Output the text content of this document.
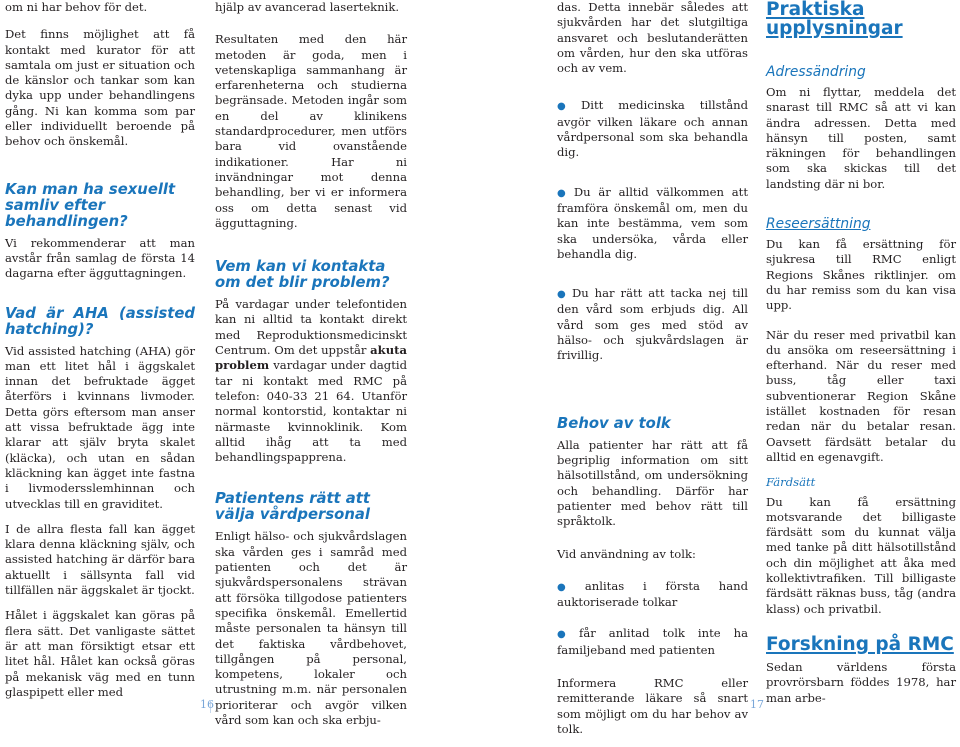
om ni har behov för det.

Det finns möjlighet att få kontakt med kurator för att samtala om just er situation och de känslor och tankar som kan dyka upp under behandlingens gång. Ni kan komma som par eller individuellt beroende på behov och önskemål.

Kan man ha sexuellt samliv efter behandlingen?

Vi rekommenderar att man avstår från samlag de första 14 dagarna efter ägguttagningen.

Vad är AHA (assisted hatching)?

Vid assisted hatching (AHA) gör man ett litet hål i äggskalet innan det befruktade ägget återförs i kvinnans livmoder. Detta görs eftersom man anser att vissa befruktade ägg inte klarar att själv bryta skalet (kläcka), och utan en sådan kläckning kan ägget inte fastna i livmodersslemhinnan och utvecklas till en graviditet.

I de allra flesta fall kan ägget klara denna kläckning själv, och assisted hatching är därför bara aktuellt i sällsynta fall vid tillfällen när äggskalet är tjockt.

Hålet i äggskalet kan göras på flera sätt. Det vanligaste sättet är att man försiktigt etsar ett litet hål. Hålet kan också göras på mekanisk väg med en tunn glaspipett eller med

hjälp av avancerad laserteknik.

Resultaten med den här metoden är goda, men i vetenskapliga sammanhang är erfarenheterna och studierna begränsade. Metoden ingår som en del av klinikens standardprocedurer, men utförs bara vid ovanstående indikationer. Har ni invändningar mot denna behandling, ber vi er informera oss om detta senast vid ägguttagning.

Vem kan vi kontakta om det blir problem?

På vardagar under telefontiden kan ni alltid ta kontakt direkt med Reproduktionsmedicinskt Centrum. Om det uppstår akuta problem vardagar under dagtid tar ni kontakt med RMC på telefon: 040-33 21 64. Utanför normal kontorstid, kontaktar ni närmaste kvinnoklinik. Kom alltid ihåg att ta med behandlingspapprena.

Patientens rätt att välja vårdpersonal

Enligt hälso- och sjukvårdslagen ska vården ges i samråd med patienten och det är sjukvårdspersonalens strävan att försöka tillgodose patienters specifika önskemål. Emellertid måste personalen ta hänsyn till det faktiska vårdbehovet, tillgången på personal, kompetens, lokaler och utrustning m.m. när personalen prioriterar och avgör vilken vård som kan och ska erbju-

das. Detta innebär således att sjukvården har det slutgiltiga ansvaret och beslutanderätten om vården, hur den ska utföras och av vem.

● Ditt medicinska tillstånd avgör vilken läkare och annan vårdpersonal som ska behandla dig.

● Du är alltid välkommen att framföra önskemål om, men du kan inte bestämma, vem som ska undersöka, vårda eller behandla dig.

● Du har rätt att tacka nej till den vård som erbjuds dig. All vård som ges med stöd av hälso- och sjukvårdslagen är frivillig.

Behov av tolk

Alla patienter har rätt att få begriplig information om sitt hälsotillstånd, om undersökning och behandling. Därför har patienter med behov rätt till språktolk.

Vid användning av tolk:

● anlitas i första hand auktoriserade tolkar

● får anlitad tolk inte ha familjeband med patienten

Informera RMC eller remitterande läkare så snart som möjligt om du har behov av tolk.

Praktiska upplysningar
Adressändring

Om ni flyttar, meddela det snarast till RMC så att vi kan ändra adressen. Detta med hänsyn till posten, samt räkningen för behandlingen som ska skickas till det landsting där ni bor.

Reseersättning

Du kan få ersättning för sjukresa till RMC enligt Regions Skånes riktlinjer. om du har remiss som du kan visa upp.

När du reser med privatbil kan du ansöka om reseersättning i efterhand. När du reser med buss, tåg eller taxi subventionerar Region Skåne istället kostnaden för resan redan när du betalar resan. Oavsett färdsätt betalar du alltid en egenavgift.

Färdsätt

Du kan få ersättning motsvarande det billigaste färdsätt som du kunnat välja med tanke på ditt hälsotillstånd och din möjlighet att åka med kollektivtrafiken. Till billigaste färdsätt räknas buss, tåg (andra klass) och privatbil.

Forskning på RMC

Sedan världens första provrörsbarn föddes 1978, har man arbe-

16	17
